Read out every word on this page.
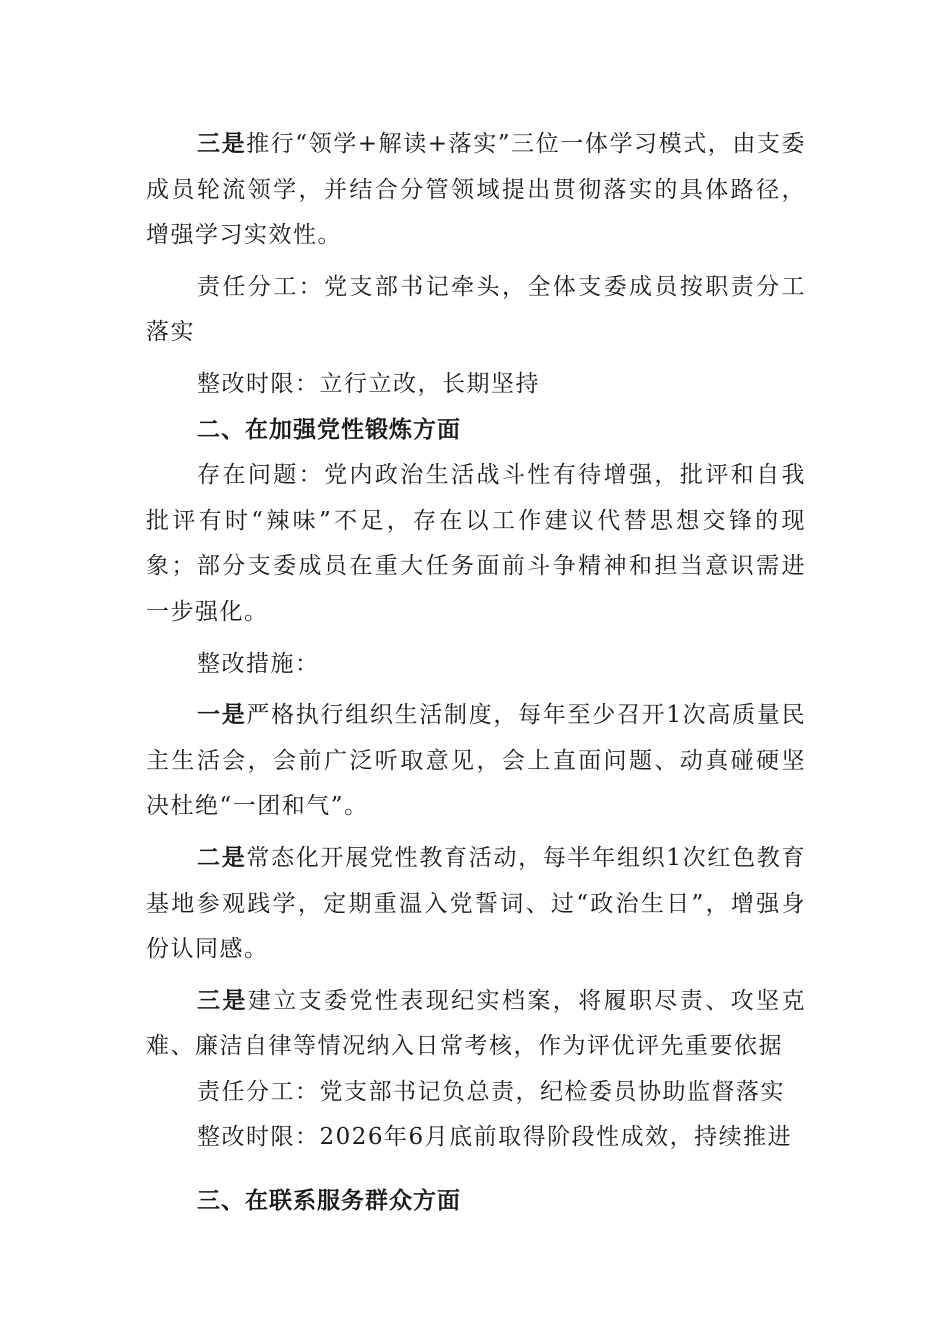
三是推行“领学+解读+落实”三位一体学习模式，由支委成员轮流领学，并结合分管领域提出贯彻落实的具体路径，增强学习实效性。

责任分工：党支部书记牵头，全体支委成员按职责分工落实

整改时限：立行立改，长期坚持

二、在加强党性锻炼方面

存在问题：党内政治生活战斗性有待增强，批评和自我批评有时“辣味”不足，存在以工作建议代替思想交锋的现象；部分支委成员在重大任务面前斗争精神和担当意识需进一步强化。

整改措施：

一是严格执行组织生活制度，每年至少召开1次高质量民主生活会，会前广泛听取意见，会上直面问题、动真碰硬坚决杜绝“一团和气”。

二是常态化开展党性教育活动，每半年组织1次红色教育基地参观践学，定期重温入党誓词、过“政治生日”，增强身份认同感。

三是建立支委党性表现纪实档案，将履职尽责、攻坚克难、廉洁自律等情况纳入日常考核，作为评优评先重要依据

责任分工：党支部书记负总责，纪检委员协助监督落实

整改时限：2026年6月底前取得阶段性成效，持续推进

三、在联系服务群众方面
